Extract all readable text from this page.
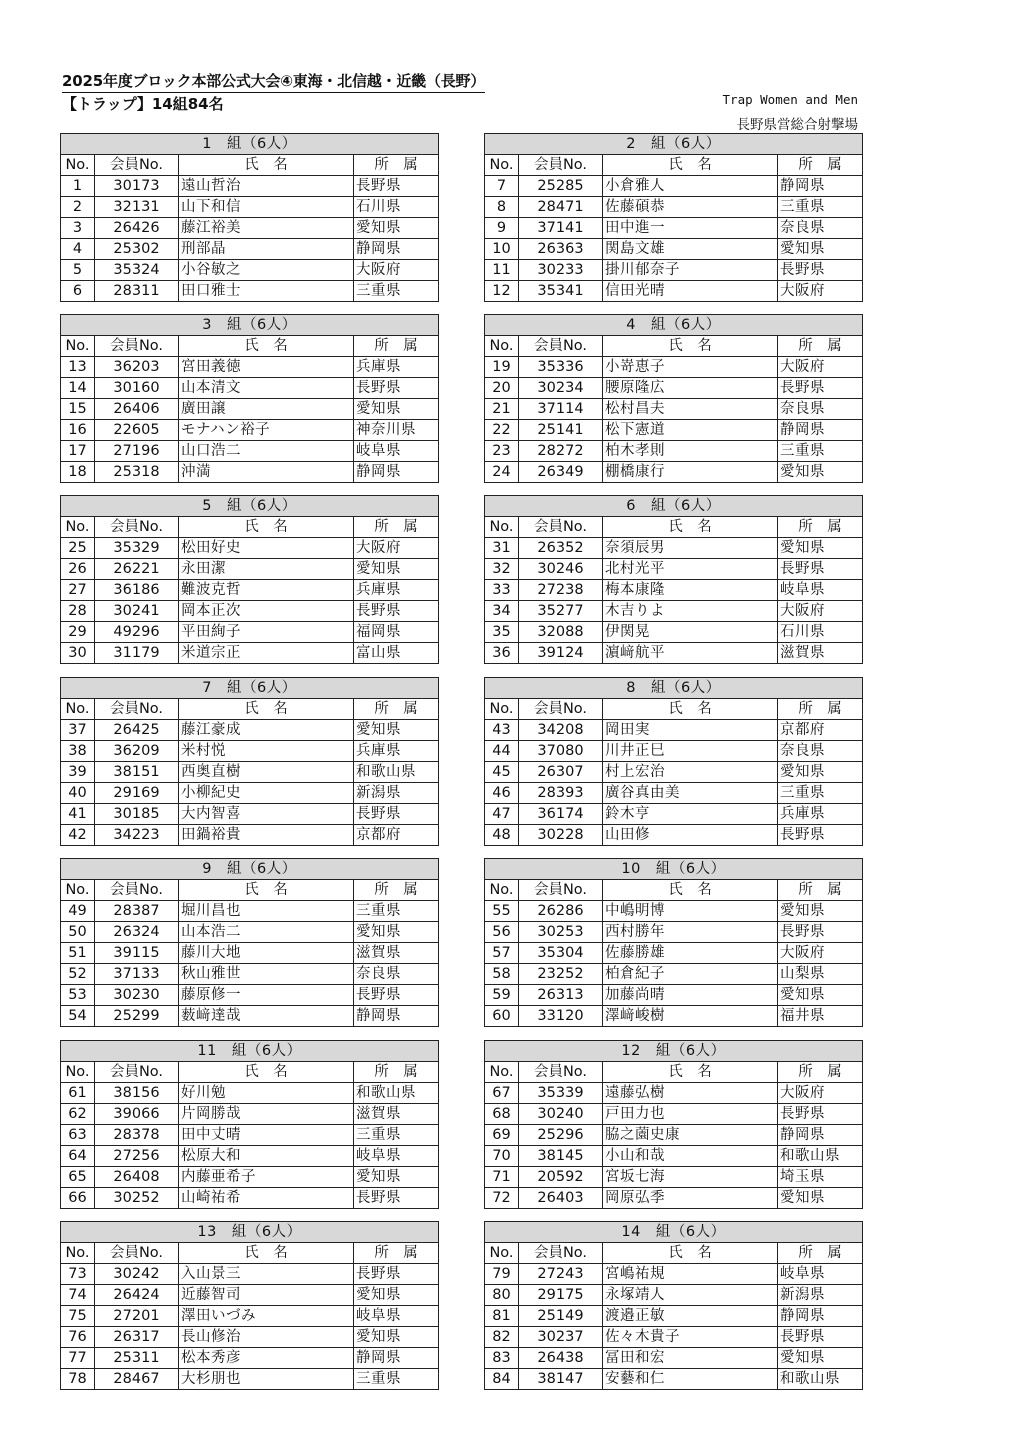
2025年度ブロック本部公式大会④東海・北信越・近畿（長野）
【トラップ】14組84名	Trap Women and Men
長野県営総合射撃場
1　組（6人）			
No.	会員No.	氏　名	所　属
1	30173	遠山哲治	長野県
2	32131	山下和信	石川県
3	26426	藤江裕美	愛知県
4	25302	刑部晶	静岡県
5	35324	小谷敏之	大阪府
6	28311	田口雅士	三重県
2　組（6人）			
No.	会員No.	氏　名	所　属
7	25285	小倉雅人	静岡県
8	28471	佐藤碩恭	三重県
9	37141	田中進一	奈良県
10	26363	関島文雄	愛知県
11	30233	掛川郁奈子	長野県
12	35341	信田光晴	大阪府
3　組（6人）			
No.	会員No.	氏　名	所　属
13	36203	宮田義徳	兵庫県
14	30160	山本清文	長野県
15	26406	廣田譲	愛知県
16	22605	モナハン裕子	神奈川県
17	27196	山口浩二	岐阜県
18	25318	沖満	静岡県
4　組（6人）			
No.	会員No.	氏　名	所　属
19	35336	小嵜恵子	大阪府
20	30234	腰原隆広	長野県
21	37114	松村昌夫	奈良県
22	25141	松下憲道	静岡県
23	28272	柏木孝則	三重県
24	26349	棚橋康行	愛知県
5　組（6人）			
No.	会員No.	氏　名	所　属
25	35329	松田好史	大阪府
26	26221	永田潔	愛知県
27	36186	難波克哲	兵庫県
28	30241	岡本正次	長野県
29	49296	平田絢子	福岡県
30	31179	米道宗正	富山県
6　組（6人）			
No.	会員No.	氏　名	所　属
31	26352	奈須辰男	愛知県
32	30246	北村光平	長野県
33	27238	梅本康隆	岐阜県
34	35277	木吉りよ	大阪府
35	32088	伊関晃	石川県
36	39124	濵﨑航平	滋賀県
7　組（6人）			
No.	会員No.	氏　名	所　属
37	26425	藤江豪成	愛知県
38	36209	米村悦	兵庫県
39	38151	西奥直樹	和歌山県
40	29169	小柳紀史	新潟県
41	30185	大内智喜	長野県
42	34223	田鍋裕貴	京都府
8　組（6人）			
No.	会員No.	氏　名	所　属
43	34208	岡田実	京都府
44	37080	川井正巳	奈良県
45	26307	村上宏治	愛知県
46	28393	廣谷真由美	三重県
47	36174	鈴木亨	兵庫県
48	30228	山田修	長野県
9　組（6人）			
No.	会員No.	氏　名	所　属
49	28387	堀川昌也	三重県
50	26324	山本浩二	愛知県
51	39115	藤川大地	滋賀県
52	37133	秋山雅世	奈良県
53	30230	藤原修一	長野県
54	25299	薮﨑達哉	静岡県
10　組（6人）			
No.	会員No.	氏　名	所　属
55	26286	中嶋明博	愛知県
56	30253	西村勝年	長野県
57	35304	佐藤勝雄	大阪府
58	23252	柏倉紀子	山梨県
59	26313	加藤尚晴	愛知県
60	33120	澤﨑峻樹	福井県
11　組（6人）			
No.	会員No.	氏　名	所　属
61	38156	好川勉	和歌山県
62	39066	片岡勝哉	滋賀県
63	28378	田中丈晴	三重県
64	27256	松原大和	岐阜県
65	26408	内藤亜希子	愛知県
66	30252	山崎祐希	長野県
12　組（6人）			
No.	会員No.	氏　名	所　属
67	35339	遠藤弘樹	大阪府
68	30240	戸田力也	長野県
69	25296	脇之薗史康	静岡県
70	38145	小山和哉	和歌山県
71	20592	宮坂七海	埼玉県
72	26403	岡原弘季	愛知県
13　組（6人）			
No.	会員No.	氏　名	所　属
73	30242	入山景三	長野県
74	26424	近藤智司	愛知県
75	27201	澤田いづみ	岐阜県
76	26317	長山修治	愛知県
77	25311	松本秀彦	静岡県
78	28467	大杉朋也	三重県
14　組（6人）			
No.	会員No.	氏　名	所　属
79	27243	宮嶋祐規	岐阜県
80	29175	永塚靖人	新潟県
81	25149	渡邉正敏	静岡県
82	30237	佐々木貴子	長野県
83	26438	冨田和宏	愛知県
84	38147	安藝和仁	和歌山県
